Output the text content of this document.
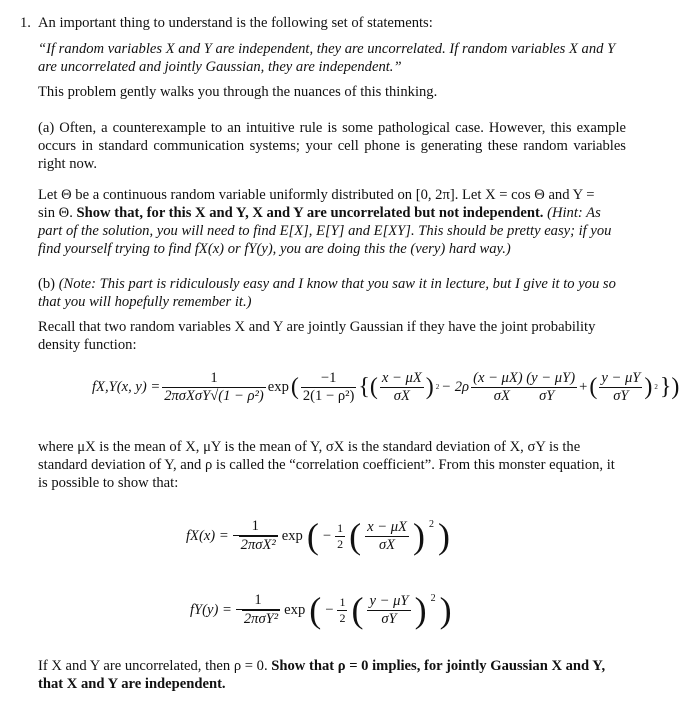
1. An important thing to understand is the following set of statements:
“If random variables X and Y are independent, they are uncorrelated. If random variables X and Y
are uncorrelated and jointly Gaussian, they are independent.”
This problem gently walks you through the nuances of this thinking.
(a) Often, a counterexample to an intuitive rule is some pathological case. However, this example occurs in standard communication systems; your cell phone is generating these random variables right now.
Let Θ be a continuous random variable uniformly distributed on [0, 2π]. Let X = cos Θ and Y =
sin Θ. Show that, for this X and Y, X and Y are uncorrelated but not independent. (Hint: As
part of the solution, you will need to find E[X], E[Y] and E[XY]. This should be pretty easy; if you
find yourself trying to find fX(x) or fY(y), you are doing this the (very) hard way.)
(b) (Note: This part is ridiculously easy and I know that you saw it in lecture, but I give it to you so
that you will hopefully remember it.)
Recall that two random variables X and Y are jointly Gaussian if they have the joint probability
density function:
fX,Y(x, $y) = \frac{1}{\text{2πσXσY√(1 − ρ²)}}$ exp ( $\frac{-1}{\text{2(1 − ρ²)}}$ {( $\frac{x - \mu X}{\sigma X}$ ) $2 - 2\rho \frac{(x - \mu X) (y - \mu Y)}{\text{σX        σY}}$ + ( $\frac{y - \mu Y}{\sigma Y}$ ) 2 })
where μX is the mean of X, μY is the mean of Y, σX is the standard deviation of X, σY is the
standard deviation of Y, and ρ is called the “correlation coefficient”. From this monster equation, it
is possible to show that:
$fX(x) = \frac{1}{\text{2πσX²}}$ exp ( − $\frac{1}{2}$ ( $\frac{x - \mu X}{\sigma X}$ ) $^2$ )
$fY(y) = \frac{1}{\text{2πσY²}}$ exp ( − $\frac{1}{2}$ ( $\frac{y - \mu Y}{\sigma Y}$ ) $^2$ )
If X and Y are uncorrelated, then ρ = 0. Show that ρ = 0 implies, for jointly Gaussian X and Y,
that X and Y are independent.
